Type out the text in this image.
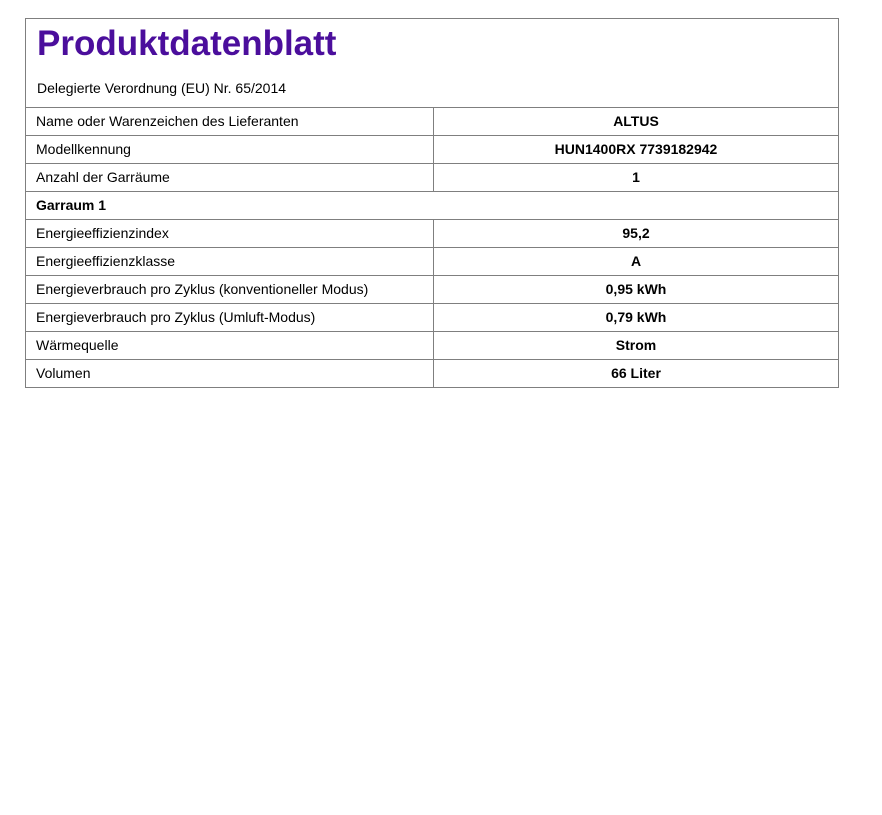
Produktdatenblatt
Delegierte Verordnung (EU) Nr. 65/2014
Name oder Warenzeichen des Lieferanten	ALTUS
Modellkennung	HUN1400RX 7739182942
Anzahl der Garräume	1
Garraum 1
Energieeffizienzindex	95,2
Energieeffizienzklasse	A
Energieverbrauch pro Zyklus (konventioneller Modus)	0,95 kWh
Energieverbrauch pro Zyklus (Umluft-Modus)	0,79 kWh
Wärmequelle	Strom
Volumen	66 Liter
